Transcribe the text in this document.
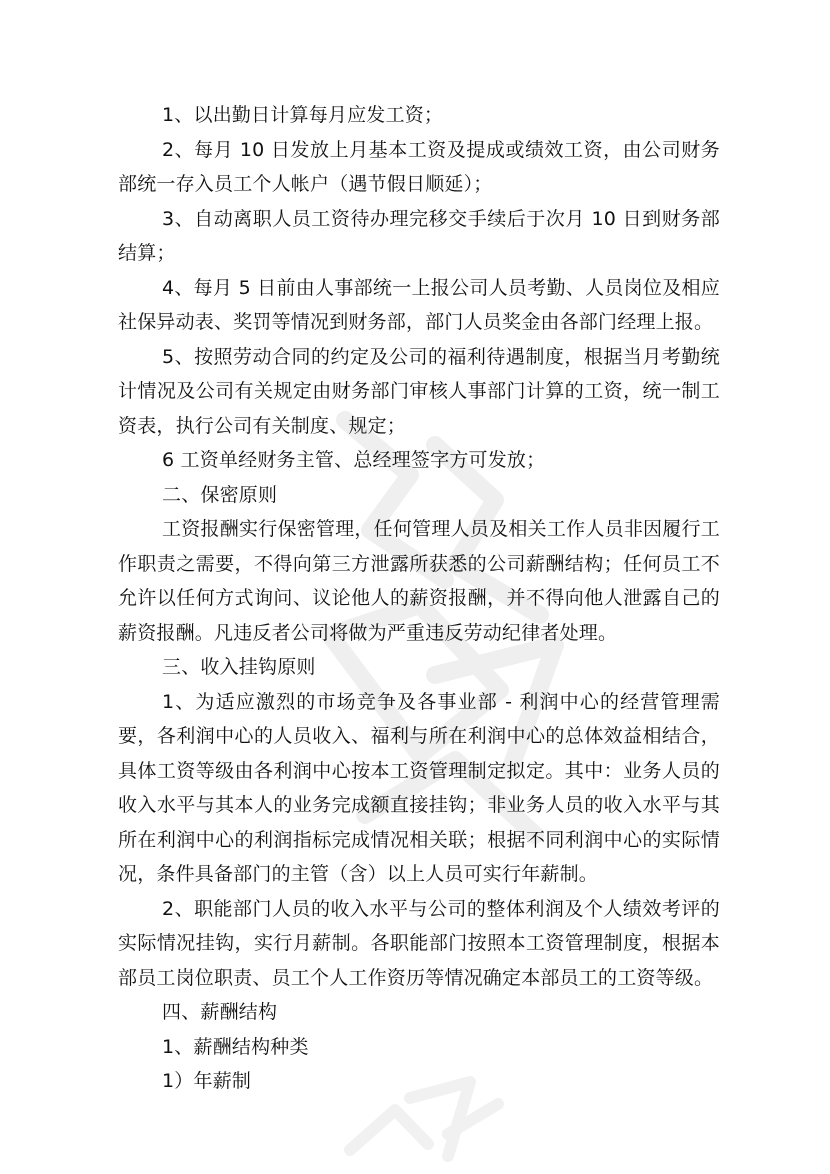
1、以出勤日计算每月应发工资；

2、每月 10 日发放上月基本工资及提成或绩效工资，由公司财务部统一存入员工个人帐户（遇节假日顺延）；

3、自动离职人员工资待办理完移交手续后于次月 10 日到财务部结算；

4、每月 5 日前由人事部统一上报公司人员考勤、人员岗位及相应社保异动表、奖罚等情况到财务部，部门人员奖金由各部门经理上报。

5、按照劳动合同的约定及公司的福利待遇制度，根据当月考勤统计情况及公司有关规定由财务部门审核人事部门计算的工资，统一制工资表，执行公司有关制度、规定；

6 工资单经财务主管、总经理签字方可发放；

二、保密原则

工资报酬实行保密管理，任何管理人员及相关工作人员非因履行工作职责之需要，不得向第三方泄露所获悉的公司薪酬结构；任何员工不允许以任何方式询问、议论他人的薪资报酬，并不得向他人泄露自己的薪资报酬。凡违反者公司将做为严重违反劳动纪律者处理。

三、收入挂钩原则

1、为适应激烈的市场竞争及各事业部 - 利润中心的经营管理需要，各利润中心的人员收入、福利与所在利润中心的总体效益相结合，具体工资等级由各利润中心按本工资管理制定拟定。其中：业务人员的收入水平与其本人的业务完成额直接挂钩；非业务人员的收入水平与其所在利润中心的利润指标完成情况相关联；根据不同利润中心的实际情况，条件具备部门的主管（含）以上人员可实行年薪制。

2、职能部门人员的收入水平与公司的整体利润及个人绩效考评的实际情况挂钩，实行月薪制。各职能部门按照本工资管理制度，根据本部员工岗位职责、员工个人工作资历等情况确定本部员工的工资等级。

四、薪酬结构

1、薪酬结构种类

1）年薪制
